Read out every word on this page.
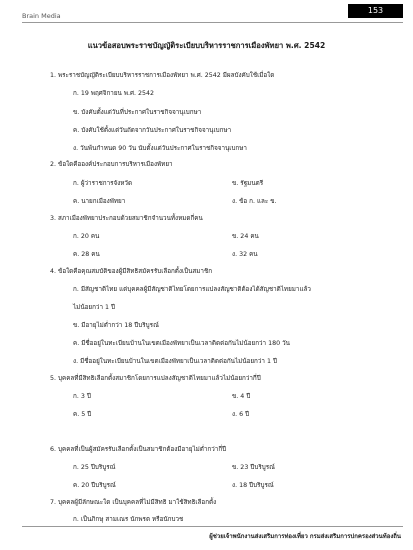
Brain Media
153
แนวข้อสอบพระราชบัญญัติระเบียบบริหารราชการเมืองพัทยา พ.ศ. 2542
1. พระราชบัญญัติระเบียบบริหารราชการเมืองพัทยา พ.ศ. 2542 มีผลบังคับใช้เมื่อใด
ก. 19 พฤศจิกายน พ.ศ. 2542
ข. บังคับตั้งแต่วันที่ประกาศในราชกิจจานุเบกษา
ค. บังคับใช้ตั้งแต่วันถัดจากวันประกาศในราชกิจจานุเบกษา
ง. วันพ้นกำหนด 90 วัน นับตั้งแต่วันประกาศในราชกิจจานุเบกษา
2. ข้อใดคือองค์ประกอบการบริหารเมืองพัทยา
ก. ผู้ว่าราชการจังหวัด	ข. รัฐมนตรี
ค. นายกเมืองพัทยา	ง. ข้อ ก. และ ข.
3. สภาเมืองพัทยาประกอบด้วยสมาชิกจำนวนทั้งหมดกี่คน
ก. 20 คน	ข. 24 คน
ค. 28 คน	ง. 32 คน
4. ข้อใดคือคุณสมบัติของผู้มีสิทธิสมัครรับเลือกตั้งเป็นสมาชิก
ก. มีสัญชาติไทย แต่บุคคลผู้มีสัญชาติไทยโดยการแปลงสัญชาติต้องได้สัญชาติไทยมาแล้ว
ไม่น้อยกว่า 1 ปี
ข. มีอายุไม่ต่ำกว่า 18 ปีบริบูรณ์
ค. มีชื่ออยู่ในทะเบียนบ้านในเขตเมืองพัทยาเป็นเวลาติดต่อกันไม่น้อยกว่า 180 วัน
ง. มีชื่ออยู่ในทะเบียนบ้านในเขตเมืองพัทยาเป็นเวลาติดต่อกันไม่น้อยกว่า 1 ปี
5. บุคคลที่มีสิทธิเลือกตั้งสมาชิกโดยการแปลงสัญชาติไทยมาแล้วไม่น้อยกว่ากี่ปี
ก. 3 ปี	ข. 4 ปี
ค. 5 ปี	ง. 6 ปี
6. บุคคลที่เป็นผู้สมัครรับเลือกตั้งเป็นสมาชิกต้องมีอายุไม่ต่ำกว่ากี่ปี
ก. 25 ปีบริบูรณ์	ข. 23 ปีบริบูรณ์
ค. 20 ปีบริบูรณ์	ง. 18 ปีบริบูรณ์
7. บุคคลผู้มีลักษณะใด เป็นบุคคลที่ไม่มีสิทธิ มาใช้สิทธิเลือกตั้ง
ก. เป็นภิกษุ สามเณร นักพรต หรือนักบวช
ผู้ช่วยเจ้าพนักงานส่งเสริมการท่องเที่ยว กรมส่งเสริมการปกครองส่วนท้องถิ่น
